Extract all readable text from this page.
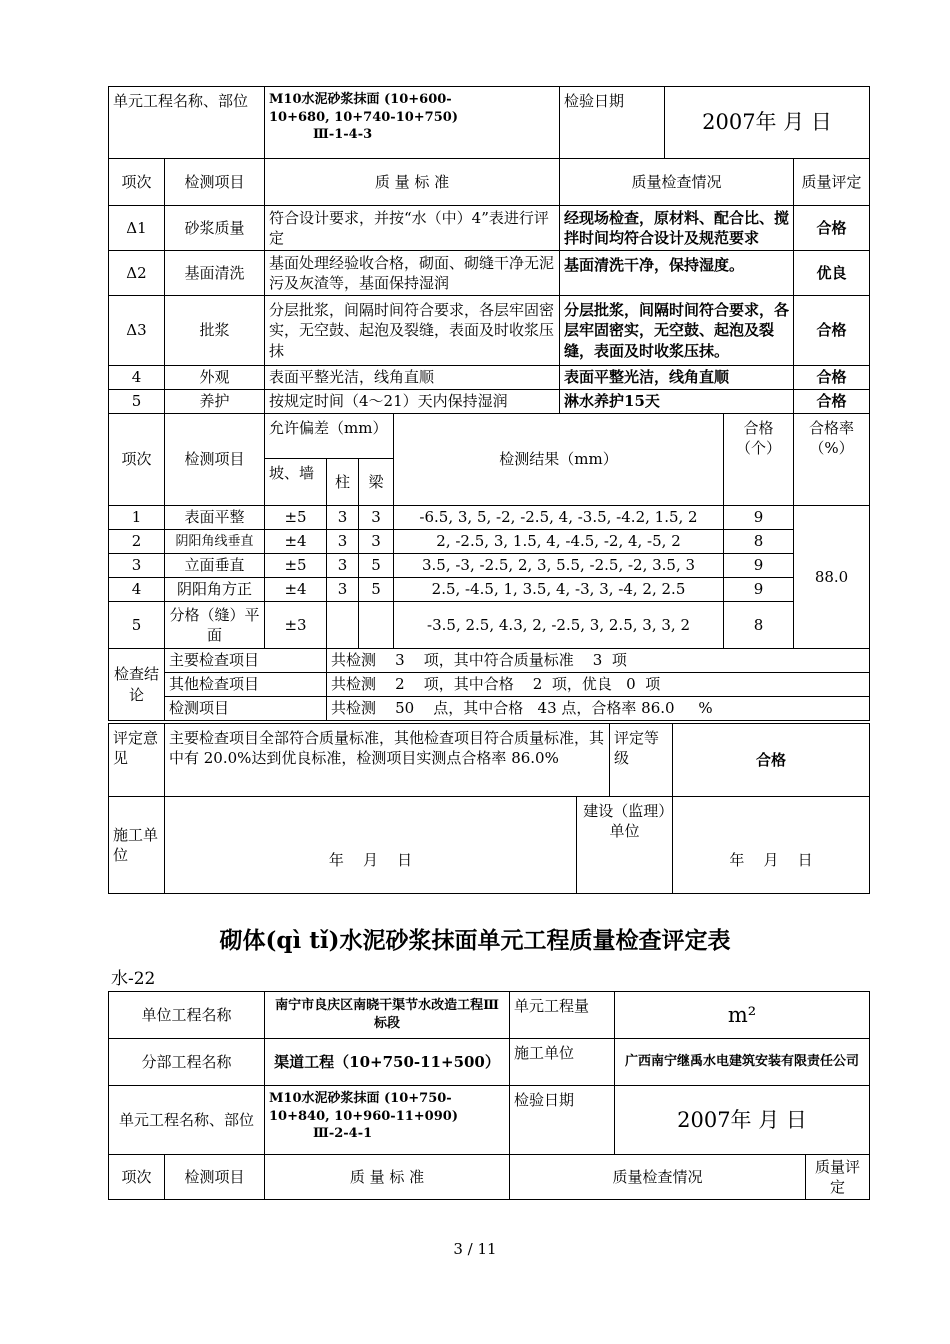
单元工程名称、部位		M10水泥砂浆抹面 (10+600-
10+680, 10+740-10+750)
Ⅲ-1-4-3				检验日期	2007年 月 日		
项次	检测项目	质 量 标 准				质量检查情况			质量评定
Δ1	砂浆质量	符合设计要求，并按“水（中）4”表进行评定				经现场检查，原材料、配合比、搅拌时间均符合设计及规范要求			合格
Δ2	基面清洗	基面处理经验收合格，砌面、砌缝干净无泥污及灰渣等，基面保持湿润				基面清洗干净，保持湿度。			优良
Δ3	批浆	分层批浆，间隔时间符合要求，各层牢固密实，无空鼓、起泡及裂缝，表面及时收浆压抹				分层批浆，间隔时间符合要求，各层牢固密实，无空鼓、起泡及裂缝，表面及时收浆压抹。			合格
4	外观	表面平整光洁，线角直顺				表面平整光洁，线角直顺			合格
5	养护	按规定时间（4～21）天内保持湿润				淋水养护15天			合格
项次	检测项目	允许偏差（mm）			检测结果（mm）			合格（个）	合格率（%）
		坡、墙	柱	梁					
1	表面平整	±5	3	3	-6.5, 3, 5, -2, -2.5, 4, -3.5, -4.2, 1.5, 2			9	88.0
2	阴阳角线垂直	±4	3	3	2, -2.5, 3, 1.5, 4, -4.5, -2, 4, -5, 2			8	
3	立面垂直	±5	3	5	3.5, -3, -2.5, 2, 3, 5.5, -2.5, -2, 3.5, 3			9	
4	阴阳角方正	±4	3	5	2.5, -4.5, 1, 3.5, 4, -3, 3, -4, 2, 2.5			9	
5	分格（缝）平面	±3			-3.5, 2.5, 4.3, 2, -2.5, 3, 2.5, 3, 3, 2			8	
检查结论	主要检查项目		共检测    3    项，其中符合质量标准    3  项						
	其他检查项目		共检测    2    项，其中合格    2  项，优良   0  项						
	检测项目		共检测    50    点，其中合格   43 点，合格率 86.0     %						
评定意见	主要检查项目全部符合质量标准，其他检查项目符合质量标准，其中有 20.0%达到优良标准，检测项目实测点合格率 86.0%		评定等级	合格
施工单位	年    月    日	建设（监理）单位		年    月    日
砌体(qì tǐ)水泥砂浆抹面单元工程质量检查评定表
水-22
单位工程名称		南宁市良庆区南晓干渠节水改造工程Ⅲ标段	单元工程量	m²	
分部工程名称		渠道工程（10+750-11+500）	施工单位	广西南宁继禹水电建筑安装有限责任公司	
单元工程名称、部位		M10水泥砂浆抹面 (10+750-
10+840, 10+960-11+090)
Ⅲ-2-4-1	检验日期	2007年 月 日	
项次	检测项目	质 量 标 准	质量检查情况		质量评定
3 / 11
